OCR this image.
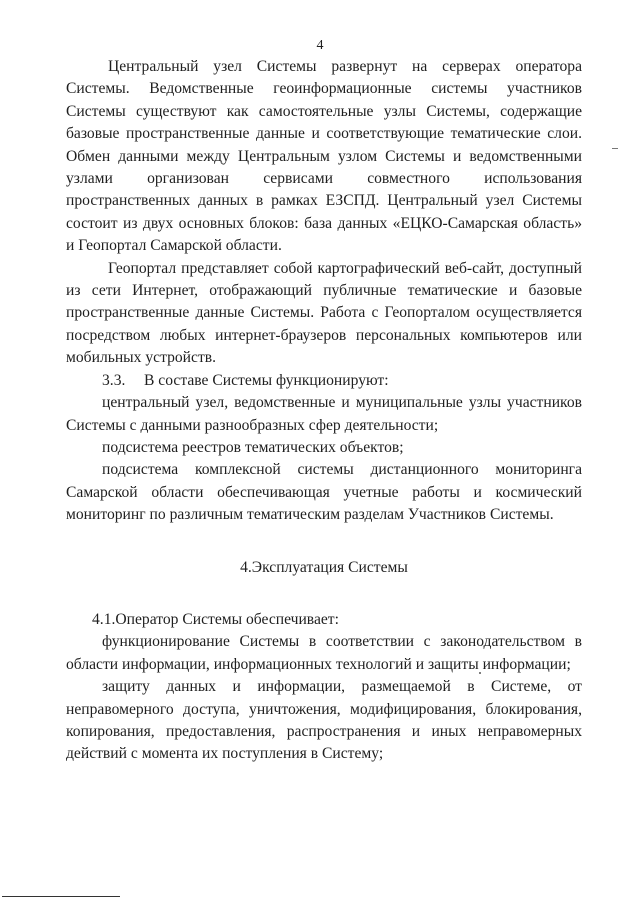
4

Центральный узел Системы развернут на серверах оператора Системы. Ведомственные геоинформационные системы участников Системы существуют как самостоятельные узлы Системы, содержащие базовые пространственные данные и соответствующие тематические слои. Обмен данными между Центральным узлом Системы и ведомственными узлами организован сервисами совместного использования пространственных данных в рамках ЕЗСПД. Центральный узел Системы состоит из двух основных блоков: база данных «ЕЦКО-Самарская область» и Геопортал Самарской области.

Геопортал представляет собой картографический веб-сайт, доступный из сети Интернет, отображающий публичные тематические и базовые пространственные данные Системы. Работа с Геопорталом осуществляется посредством любых интернет-браузеров персональных компьютеров или мобильных устройств.

3.3. В составе Системы функционируют:

центральный узел, ведомственные и муниципальные узлы участников Системы с данными разнообразных сфер деятельности;

подсистема реестров тематических объектов;

подсистема комплексной системы дистанционного мониторинга Самарской области обеспечивающая учетные работы и космический мониторинг по различным тематическим разделам Участников Системы.

4.Эксплуатация Системы

4.1.Оператор Системы обеспечивает:

функционирование Системы в соответствии с законодательством в области информации, информационных технологий и защиты информации;

защиту данных и информации, размещаемой в Системе, от неправомерного доступа, уничтожения, модифицирования, блокирования, копирования, предоставления, распространения и иных неправомерных действий с момента их поступления в Систему;
